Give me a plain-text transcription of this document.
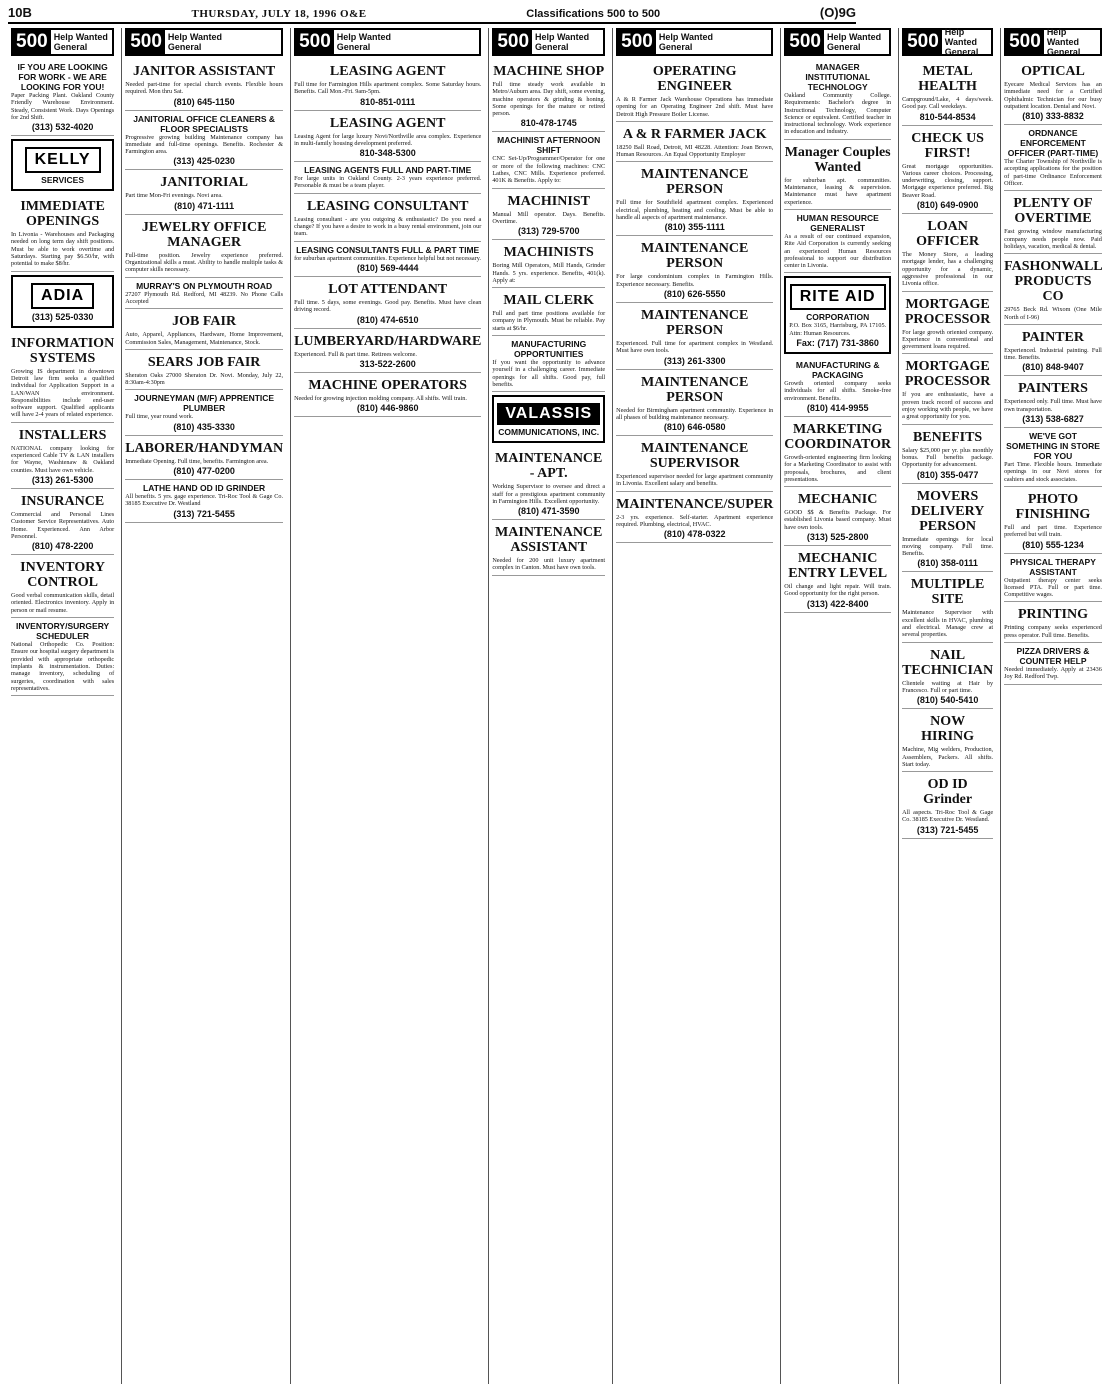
10B	THURSDAY, JULY 18, 1996 O&E	Classifications 500 to 500	(O)9G
500 Help Wanted
General
IF YOU ARE LOOKING FOR WORK - WE ARE LOOKING FOR YOU!
Paper Packing Plant. Oakland County Friendly Warehouse Environment. Steady, Consistent Work. Days Openings for 2nd Shift.
(313) 532-4020
KELLY
SERVICES
IMMEDIATE OPENINGS
In Livonia - Warehouses and Packaging needed on long term day shift positions. Must be able to work overtime and Saturdays. Starting pay $6.50/hr, with potential to make $8/hr.
ADIA
(313) 525-0330
INFORMATION SYSTEMS
Growing IS department in downtown Detroit law firm seeks a qualified individual for Application Support in a LAN/WAN environment. Responsibilities include end-user software support. Qualified applicants will have 2-4 years of related experience.
INSTALLERS
NATIONAL company looking for experienced Cable TV & LAN installers for Wayne, Washtenaw & Oakland counties. Must have own vehicle.
(313) 261-5300
INSURANCE
Commercial and Personal Lines Customer Service Representatives. Auto Home. Experienced. Ann Arbor Personnel.
(810) 478-2200
INVENTORY CONTROL
Good verbal communication skills, detail oriented. Electronics inventory. Apply in person or mail resume.
INVENTORY/SURGERY SCHEDULER
National Orthopedic Co. Position: Ensure our hospital surgery department is provided with appropriate orthopedic implants & instrumentation. Duties: manage inventory, scheduling of surgeries, coordination with sales representatives.
500 Help Wanted
General
JANITOR ASSISTANT
Needed part-time for special church events. Flexible hours required. Mon thru Sat.
(810) 645-1150
JANITORIAL OFFICE CLEANERS & FLOOR SPECIALISTS
Progressive growing building Maintenance company has immediate and full-time openings. Benefits. Rochester & Farmington area.
(313) 425-0230
JANITORIAL
Part time Mon-Fri evenings. Novi area.
(810) 471-1111
JEWELRY OFFICE MANAGER
Full-time position. Jewelry experience preferred. Organizational skills a must. Ability to handle multiple tasks & computer skills necessary.
MURRAY'S ON PLYMOUTH ROAD
27207 Plymouth Rd. Redford, MI 48239. No Phone Calls Accepted
JOB FAIR
Auto, Apparel, Appliances, Hardware, Home Improvement, Commission Sales, Management, Maintenance, Stock.
SEARS JOB FAIR
Sheraton Oaks 27000 Sheraton Dr. Novi. Monday, July 22, 8:30am-4:30pm
JOURNEYMAN (M/F) APPRENTICE PLUMBER
Full time, year round work.
(810) 435-3330
LABORER/HANDYMAN
Immediate Opening. Full time, benefits. Farmington area.
(810) 477-0200
LATHE HAND OD ID GRINDER
All benefits. 5 yrs. gage experience. Tri-Roc Tool & Gage Co. 38185 Executive Dr. Westland
(313) 721-5455
500 Help Wanted
General
LEASING AGENT
Full time for Farmington Hills apartment complex. Some Saturday hours. Benefits. Call Mon.-Fri. 9am-5pm.
810-851-0111
LEASING AGENT
Leasing Agent for large luxury Novi/Northville area complex. Experience in multi-family housing development preferred.
810-348-5300
LEASING AGENTS FULL AND PART-TIME
For large units in Oakland County. 2-3 years experience preferred. Personable & must be a team player.
LEASING CONSULTANT
Leasing consultant - are you outgoing & enthusiastic? Do you need a change? If you have a desire to work in a busy rental environment, join our team.
LEASING CONSULTANTS FULL & PART TIME
for suburban apartment communities. Experience helpful but not necessary.
(810) 569-4444
LOT ATTENDANT
Full time. 5 days, some evenings. Good pay. Benefits. Must have clean driving record.
(810) 474-6510
LUMBERYARD/HARDWARE
Experienced. Full & part time. Retirees welcome.
313-522-2600
MACHINE OPERATORS
Needed for growing injection molding company. All shifts. Will train.
(810) 446-9860
500 Help Wanted
General
MACHINE SHOP
Full time steady work available in Metro/Auburn area. Day shift, some evening, machine operators & grinding & honing. Some openings for the mature or retired person.
810-478-1745
MACHINIST AFTERNOON SHIFT
CNC Set-Up/Programmer/Operator for one or more of the following machines: CNC Lathes, CNC Mills. Experience preferred. 401K & Benefits. Apply to:
MACHINIST
Manual Mill operator. Days. Benefits. Overtime.
(313) 729-5700
MACHINISTS
Boring Mill Operators, Mill Hands, Grinder Hands. 5 yrs. experience. Benefits, 401(k). Apply at:
MAIL CLERK
Full and part time positions available for company in Plymouth. Must be reliable. Pay starts at $6/hr.
MANUFACTURING OPPORTUNITIES
If you want the opportunity to advance yourself in a challenging career. Immediate openings for all shifts. Good pay, full benefits.
VALASSIS
COMMUNICATIONS, INC.
MAINTENANCE - APT.
Working Supervisor to oversee and direct a staff for a prestigious apartment community in Farmington Hills. Excellent opportunity.
(810) 471-3590
MAINTENANCE ASSISTANT
Needed for 200 unit luxury apartment complex in Canton. Must have own tools.
500 Help Wanted
General
OPERATING ENGINEER
A & R Farmer Jack Warehouse Operations has immediate opening for an Operating Engineer 2nd shift. Must have Detroit High Pressure Boiler License.
A & R FARMER JACK
18250 Ball Road, Detroit, MI 48228. Attention: Joan Brown, Human Resources. An Equal Opportunity Employer
MAINTENANCE PERSON
Full time for Southfield apartment complex. Experienced electrical, plumbing, heating and cooling. Must be able to handle all aspects of apartment maintenance.
(810) 355-1111
MAINTENANCE PERSON
For large condominium complex in Farmington Hills. Experience necessary. Benefits.
(810) 626-5550
MAINTENANCE PERSON
Experienced. Full time for apartment complex in Westland. Must have own tools.
(313) 261-3300
MAINTENANCE PERSON
Needed for Birmingham apartment community. Experience in all phases of building maintenance necessary.
(810) 646-0580
MAINTENANCE SUPERVISOR
Experienced supervisor needed for large apartment community in Livonia. Excellent salary and benefits.
MAINTENANCE/SUPER
2-3 yrs. experience. Self-starter. Apartment experience required. Plumbing, electrical, HVAC.
(810) 478-0322
500 Help Wanted
General
MANAGER INSTITUTIONAL TECHNOLOGY
Oakland Community College. Requirements: Bachelor's degree in Instructional Technology, Computer Science or equivalent. Certified teacher in instructional technology. Work experience in education and industry.
Manager Couples Wanted
for suburban apt. communities. Maintenance, leasing & supervision. Maintenance must have apartment experience.
HUMAN RESOURCE GENERALIST
As a result of our continued expansion, Rite Aid Corporation is currently seeking an experienced Human Resources professional to support our distribution center in Livonia.
RITE AID
CORPORATION
P.O. Box 3165, Harrisburg, PA 17105. Attn: Human Resources.
Fax: (717) 731-3860
MANUFACTURING & PACKAGING
Growth oriented company seeks individuals for all shifts. Smoke-free environment. Benefits.
(810) 414-9955
MARKETING COORDINATOR
Growth-oriented engineering firm looking for a Marketing Coordinator to assist with proposals, brochures, and client presentations.
MECHANIC
GOOD $$ & Benefits Package. For established Livonia based company. Must have own tools.
(313) 525-2800
MECHANIC ENTRY LEVEL
Oil change and light repair. Will train. Good opportunity for the right person.
(313) 422-8400
500 Help Wanted
General
METAL HEALTH
Campground/Lake, 4 days/week. Good pay. Call weekdays.
810-544-8534
CHECK US FIRST!
Great mortgage opportunities. Various career choices. Processing, underwriting, closing, support. Mortgage experience preferred. Big Beaver Road.
(810) 649-0900
LOAN OFFICER
The Money Store, a leading mortgage lender, has a challenging opportunity for a dynamic, aggressive professional in our Livonia office.
MORTGAGE PROCESSOR
For large growth oriented company. Experience in conventional and government loans required.
MORTGAGE PROCESSOR
If you are enthusiastic, have a proven track record of success and enjoy working with people, we have a great opportunity for you.
BENEFITS
Salary $25,000 per yr. plus monthly bonus. Full benefits package. Opportunity for advancement.
(810) 355-0477
MOVERS DELIVERY PERSON
Immediate openings for local moving company. Full time. Benefits.
(810) 358-0111
MULTIPLE SITE
Maintenance Supervisor with excellent skills in HVAC, plumbing and electrical. Manage crew at several properties.
NAIL TECHNICIAN
Clientele waiting at Hair by Francesco. Full or part time.
(810) 540-5410
NOW HIRING
Machine, Mig welders, Production, Assemblers, Packers. All shifts. Start today.
OD ID Grinder
All aspects. Tri-Roc Tool & Gage Co. 38185 Executive Dr. Westland.
(313) 721-5455
500 Help Wanted
General
OPTICAL
Eyecare Medical Services has an immediate need for a Certified Ophthalmic Technician for our busy outpatient location. Dental and Novi.
(810) 333-8832
ORDNANCE ENFORCEMENT OFFICER (PART-TIME)
The Charter Township of Northville is accepting applications for the position of part-time Ordinance Enforcement Officer.
PLENTY OF OVERTIME
Fast growing window manufacturing company needs people now. Paid holidays, vacation, medical & dental.
FASHONWALL PRODUCTS CO
29765 Beck Rd. Wixom (One Mile North of I-96)
PAINTER
Experienced. Industrial painting. Full time. Benefits.
(810) 848-9407
PAINTERS
Experienced only. Full time. Must have own transportation.
(313) 538-6827
WE'VE GOT SOMETHING IN STORE FOR YOU
Part Time. Flexible hours. Immediate openings in our Novi stores for cashiers and stock associates.
PHOTO FINISHING
Full and part time. Experience preferred but will train.
(810) 555-1234
PHYSICAL THERAPY ASSISTANT
Outpatient therapy center seeks licensed PTA. Full or part time. Competitive wages.
PRINTING
Printing company seeks experienced press operator. Full time. Benefits.
PIZZA DRIVERS & COUNTER HELP
Needed immediately. Apply at 23436 Joy Rd. Redford Twp.
